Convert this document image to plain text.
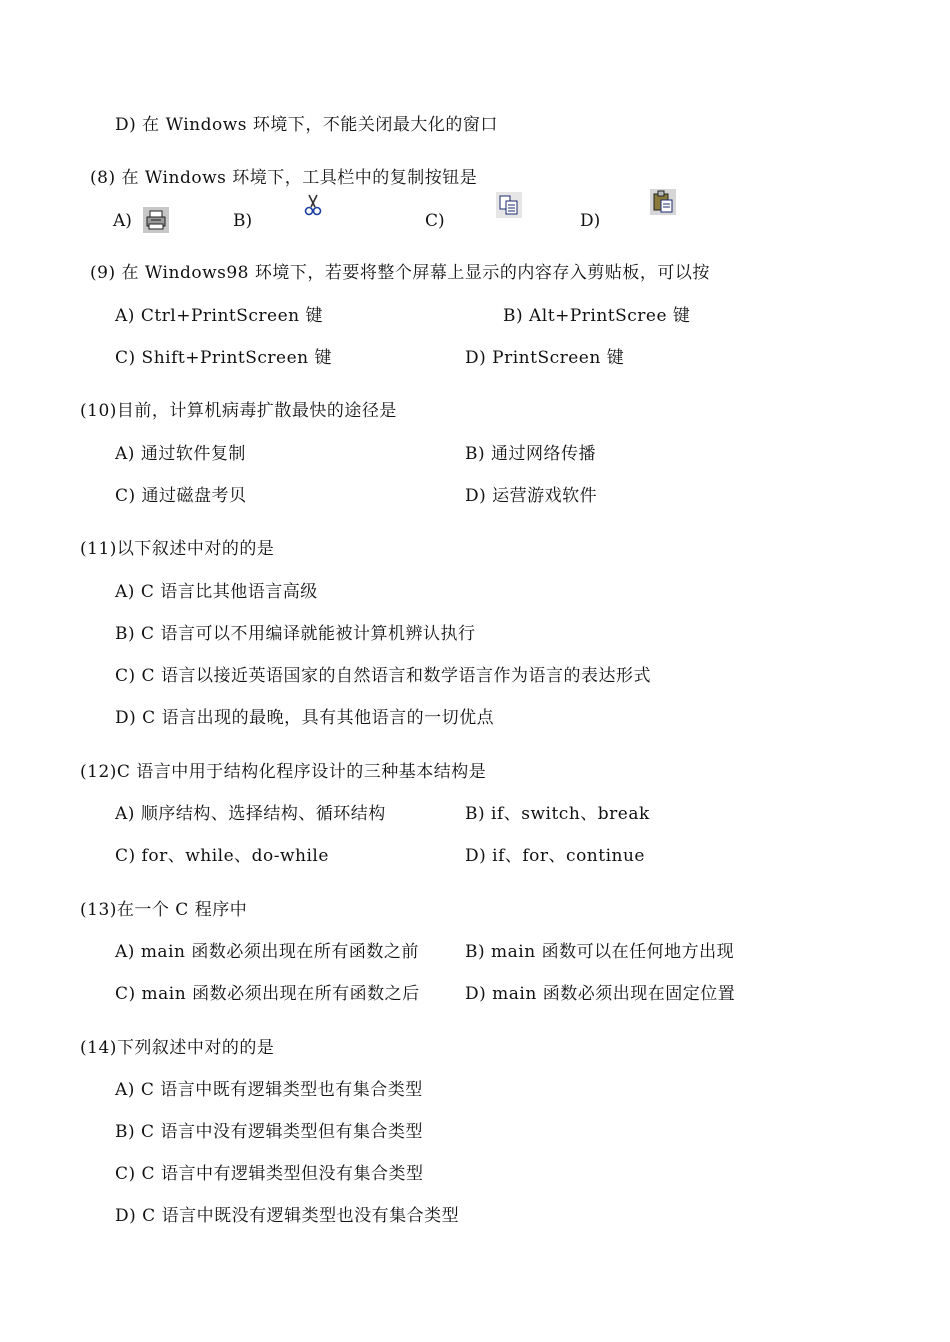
D) 在 Windows 环境下，不能关闭最大化的窗口
(8) 在 Windows 环境下，工具栏中的复制按钮是
A)	B)	C)	D)
(9) 在 Windows98 环境下，若要将整个屏幕上显示的内容存入剪贴板，可以按
A) Ctrl+PrintScreen 键	B) Alt+PrintScree 键
C) Shift+PrintScreen 键	D) PrintScreen 键
(10)目前，计算机病毒扩散最快的途径是
A) 通过软件复制	B) 通过网络传播
C) 通过磁盘考贝	D) 运营游戏软件
(11)以下叙述中对的的是
A) C 语言比其他语言高级
B) C 语言可以不用编译就能被计算机辨认执行
C) C 语言以接近英语国家的自然语言和数学语言作为语言的表达形式
D) C 语言出现的最晚，具有其他语言的一切优点
(12)C 语言中用于结构化程序设计的三种基本结构是
A) 顺序结构、选择结构、循环结构	B) if、switch、break
C) for、while、do-while	D) if、for、continue
(13)在一个 C 程序中
A) main 函数必须出现在所有函数之前	B) main 函数可以在任何地方出现
C) main 函数必须出现在所有函数之后	D) main 函数必须出现在固定位置
(14)下列叙述中对的的是
A) C 语言中既有逻辑类型也有集合类型
B) C 语言中没有逻辑类型但有集合类型
C) C 语言中有逻辑类型但没有集合类型
D) C 语言中既没有逻辑类型也没有集合类型
